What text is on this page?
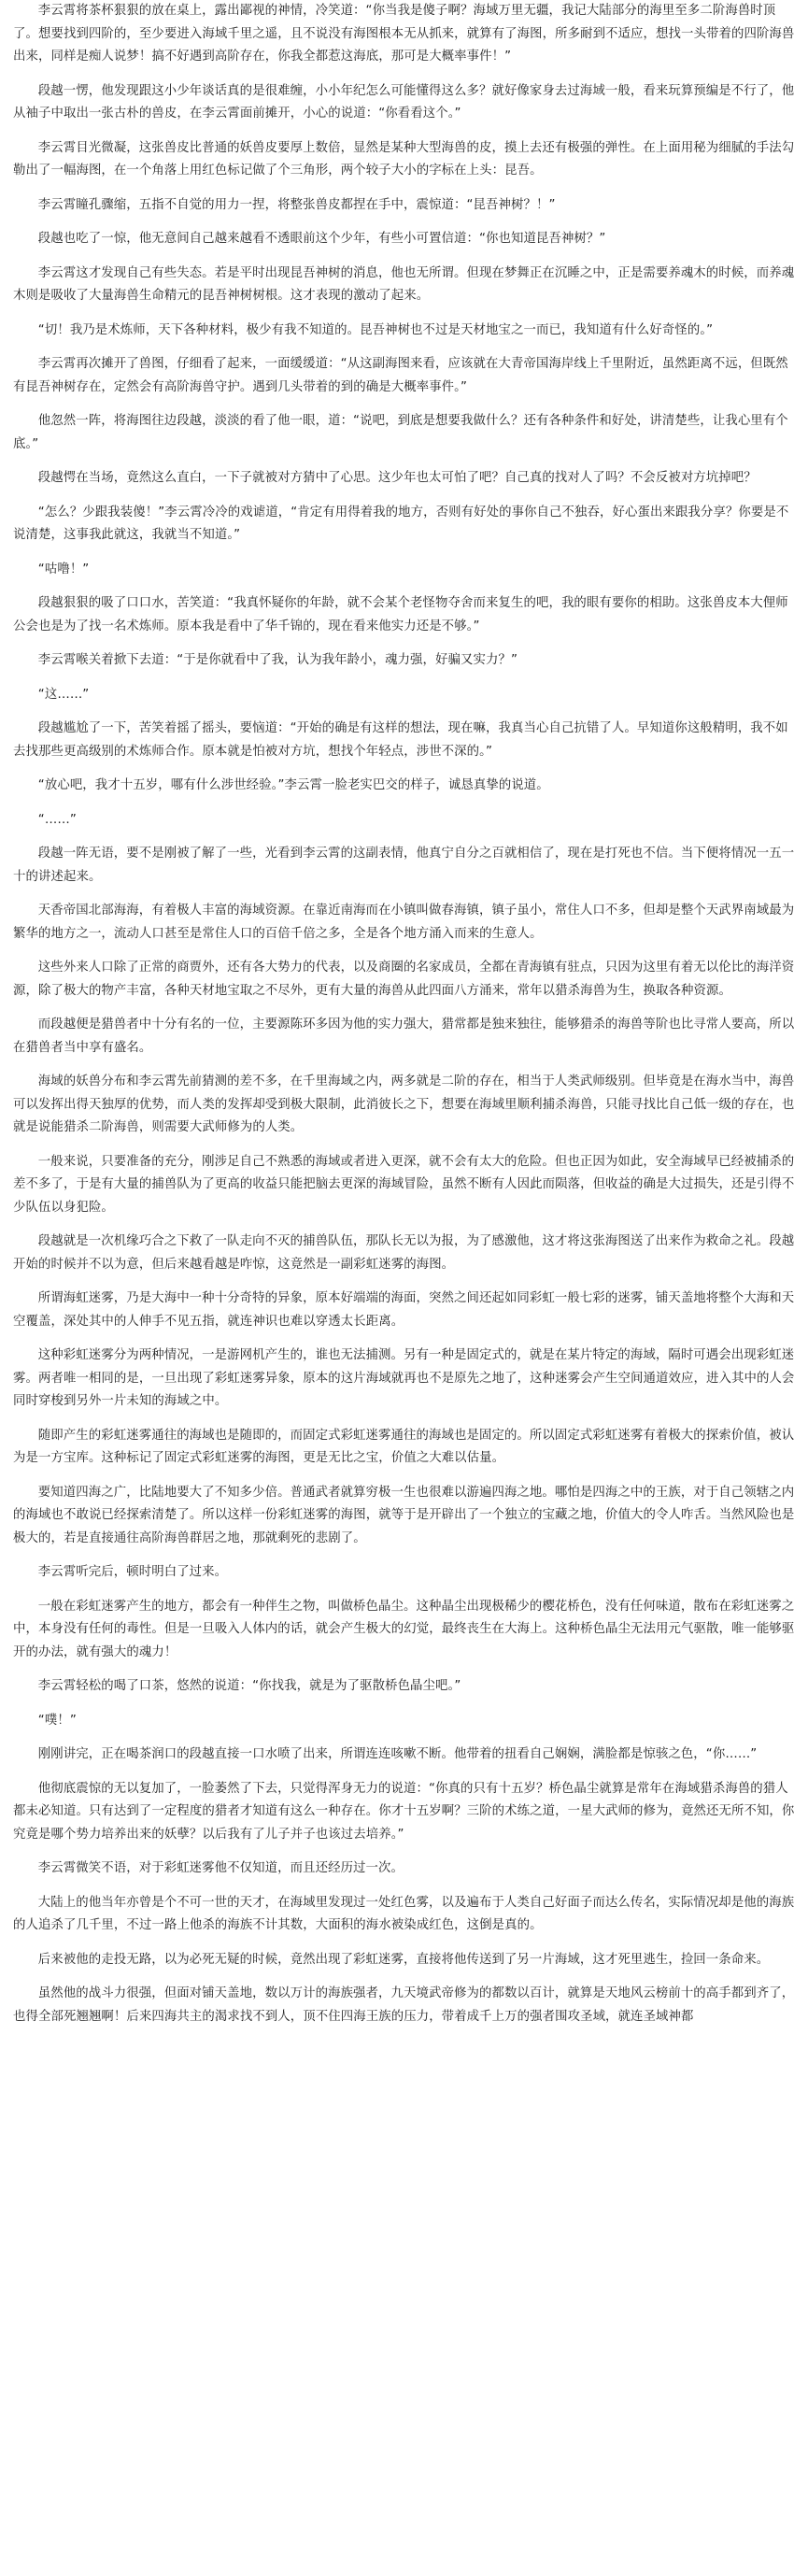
李云霄将茶杯狠狠的放在桌上，露出鄙视的神情，冷笑道：“你当我是傻子啊？海域万里无疆，我记大陆部分的海里至多二阶海兽时顶了。想要找到四阶的，至少要进入海域千里之遥，且不说没有海图根本无从抓来，就算有了海图，所多耐到不适应，想找一头带着的四阶海兽出来，同样是痴人说梦！搞不好遇到高阶存在，你我全都惹这海底，那可是大概率事件！”

段越一愣，他发现跟这小少年谈话真的是很难缠，小小年纪怎么可能懂得这么多？就好像家身去过海域一般，看来玩算预编是不行了，他从袖子中取出一张古朴的兽皮，在李云霄面前摊开，小心的说道：“你看看这个。”

李云霄目光微凝，这张兽皮比普通的妖兽皮要厚上数倍，显然是某种大型海兽的皮，摸上去还有极强的弹性。在上面用秘为细腻的手法勾勒出了一幅海图，在一个角落上用红色标记做了个三角形，两个较子大小的字标在上头：昆吾。

李云霄瞳孔骤缩，五指不自觉的用力一捏，将整张兽皮都捏在手中，震惊道：“昆吾神树？！”

段越也吃了一惊，他无意间自己越来越看不透眼前这个少年，有些小可置信道：“你也知道昆吾神树？”

李云霄这才发现自己有些失态。若是平时出现昆吾神树的消息，他也无所谓。但现在梦舞正在沉睡之中，正是需要养魂木的时候，而养魂木则是吸收了大量海兽生命精元的昆吾神树树根。这才表现的激动了起来。

“切！我乃是术炼师，天下各种材料，极少有我不知道的。昆吾神树也不过是天材地宝之一而已，我知道有什么好奇怪的。”

李云霄再次摊开了兽图，仔细看了起来，一面缓缓道：“从这副海图来看，应该就在大青帝国海岸线上千里附近，虽然距离不远，但既然有昆吾神树存在，定然会有高阶海兽守护。遇到几头带着的到的确是大概率事件。”

他忽然一阵，将海图往边段越，淡淡的看了他一眼，道：“说吧，到底是想要我做什么？还有各种条件和好处，讲清楚些，让我心里有个底。”

段越愕在当场，竟然这么直白，一下子就被对方猜中了心思。这少年也太可怕了吧？自己真的找对人了吗？不会反被对方坑掉吧？

“怎么？少跟我装傻！”李云霄冷冷的戏谑道，“肯定有用得着我的地方，否则有好处的事你自己不独吞，好心蛋出来跟我分享？你要是不说清楚，这事我此就这，我就当不知道。”

“咕噜！”

段越狠狠的吸了口口水，苦笑道：“我真怀疑你的年龄，就不会某个老怪物夺舍而来复生的吧，我的眼有要你的相助。这张兽皮本大俚师公会也是为了找一名术炼师。原本我是看中了华千锦的，现在看来他实力还是不够。”

李云霄喉关着掀下去道：“于是你就看中了我，认为我年龄小，魂力强，好骗又实力？”

“这……”

段越尴尬了一下，苦笑着摇了摇头，要恼道：“开始的确是有这样的想法，现在嘛，我真当心自己抗错了人。早知道你这般精明，我不如去找那些更高级别的术炼师合作。原本就是怕被对方坑，想找个年轻点，涉世不深的。”

“放心吧，我才十五岁，哪有什么涉世经验。”李云霄一脸老实巴交的样子，诚恳真挚的说道。

“……”

段越一阵无语，要不是刚被了解了一些，光看到李云霄的这副表情，他真宁自分之百就相信了，现在是打死也不信。当下便将情况一五一十的讲述起来。

天香帝国北部海海，有着极人丰富的海域资源。在靠近南海而在小镇叫做春海镇，镇子虽小，常住人口不多，但却是整个天武界南域最为繁华的地方之一，流动人口甚至是常住人口的百倍千倍之多，全是各个地方涌入而来的生意人。

这些外来人口除了正常的商贾外，还有各大势力的代表，以及商圈的名家成员，全都在青海镇有驻点，只因为这里有着无以伦比的海洋资源，除了极大的物产丰富，各种天材地宝取之不尽外，更有大量的海兽从此四面八方涌来，常年以猎杀海兽为生，换取各种资源。

而段越便是猎兽者中十分有名的一位，主要源陈环多因为他的实力强大，猎常都是独来独往，能够猎杀的海兽等阶也比寻常人要高，所以在猎兽者当中享有盛名。

海域的妖兽分布和李云霄先前猜测的差不多，在千里海域之内，两多就是二阶的存在，相当于人类武师级别。但毕竟是在海水当中，海兽可以发挥出得天独厚的优势，而人类的发挥却受到极大限制，此消彼长之下，想要在海域里顺利捕杀海兽，只能寻找比自己低一级的存在，也就是说能猎杀二阶海兽，则需要大武师修为的人类。

一般来说，只要准备的充分，刚涉足自己不熟悉的海域或者进入更深，就不会有太大的危险。但也正因为如此，安全海域早已经被捕杀的差不多了，于是有大量的捕兽队为了更高的收益只能把脑去更深的海域冒险，虽然不断有人因此而陨落，但收益的确是大过损失，还是引得不少队伍以身犯险。

段越就是一次机缘巧合之下救了一队走向不灭的捕兽队伍，那队长无以为报，为了感激他，这才将这张海图送了出来作为救命之礼。段越开始的时候并不以为意，但后来越看越是咋惊，这竟然是一副彩虹迷雾的海图。

所谓海虹迷雾，乃是大海中一种十分奇特的异象，原本好端端的海面，突然之间还起如同彩虹一般七彩的迷雾，铺天盖地将整个大海和天空覆盖，深处其中的人伸手不见五指，就连神识也难以穿透太长距离。

这种彩虹迷雾分为两种情况，一是游网机产生的，谁也无法捕测。另有一种是固定式的，就是在某片特定的海域，隔时可遇会出现彩虹迷雾。两者唯一相同的是，一旦出现了彩虹迷雾异象，原本的这片海域就再也不是原先之地了，这种迷雾会产生空间通道效应，进入其中的人会同时穿梭到另外一片未知的海域之中。

随即产生的彩虹迷雾通往的海域也是随即的，而固定式彩虹迷雾通往的海域也是固定的。所以固定式彩虹迷雾有着极大的探索价值，被认为是一方宝库。这种标记了固定式彩虹迷雾的海图，更是无比之宝，价值之大难以估量。

要知道四海之广，比陆地要大了不知多少倍。普通武者就算穷极一生也很难以游遍四海之地。哪怕是四海之中的王族，对于自己领辖之内的海域也不敢说已经探索清楚了。所以这样一份彩虹迷雾的海图，就等于是开辟出了一个独立的宝藏之地，价值大的令人咋舌。当然风险也是极大的，若是直接通往高阶海兽群居之地，那就剩死的悲剧了。

李云霄听完后，顿时明白了过来。

一般在彩虹迷雾产生的地方，都会有一种伴生之物，叫做桥色晶尘。这种晶尘出现极稀少的樱花桥色，没有任何味道，散布在彩虹迷雾之中，本身没有任何的毒性。但是一旦吸入人体内的话，就会产生极大的幻觉，最终丧生在大海上。这种桥色晶尘无法用元气驱散，唯一能够驱开的办法，就有强大的魂力！

李云霄轻松的喝了口茶，悠然的说道：“你找我，就是为了驱散桥色晶尘吧。”

“噗！”

刚刚讲完，正在喝茶润口的段越直接一口水喷了出来，所谓连连咳嗽不断。他带着的扭看自己娴娴，满脸都是惊骇之色，“你……”

他彻底震惊的无以复加了，一脸萎然了下去，只觉得浑身无力的说道：“你真的只有十五岁？桥色晶尘就算是常年在海域猎杀海兽的猎人都未必知道。只有达到了一定程度的猎者才知道有这么一种存在。你才十五岁啊？三阶的术练之道，一星大武师的修为，竟然还无所不知，你究竟是哪个势力培养出来的妖孽？以后我有了儿子并子也该过去培养。”

李云霄微笑不语，对于彩虹迷雾他不仅知道，而且还经历过一次。

大陆上的他当年亦曾是个不可一世的天才，在海域里发现过一处红色雾，以及遍布于人类自己好面子而达么传名，实际情况却是他的海族的人追杀了几千里，不过一路上他杀的海族不计其数，大面积的海水被染成红色，这倒是真的。

后来被他的走投无路，以为必死无疑的时候，竟然出现了彩虹迷雾，直接将他传送到了另一片海域，这才死里逃生，捡回一条命来。

虽然他的战斗力很强，但面对铺天盖地，数以万计的海族强者，九天境武帝修为的都数以百计，就算是天地风云榜前十的高手都到齐了，也得全部死翘翘啊！后来四海共主的渴求找不到人，顶不住四海王族的压力，带着成千上万的强者围攻圣域，就连圣域神都
